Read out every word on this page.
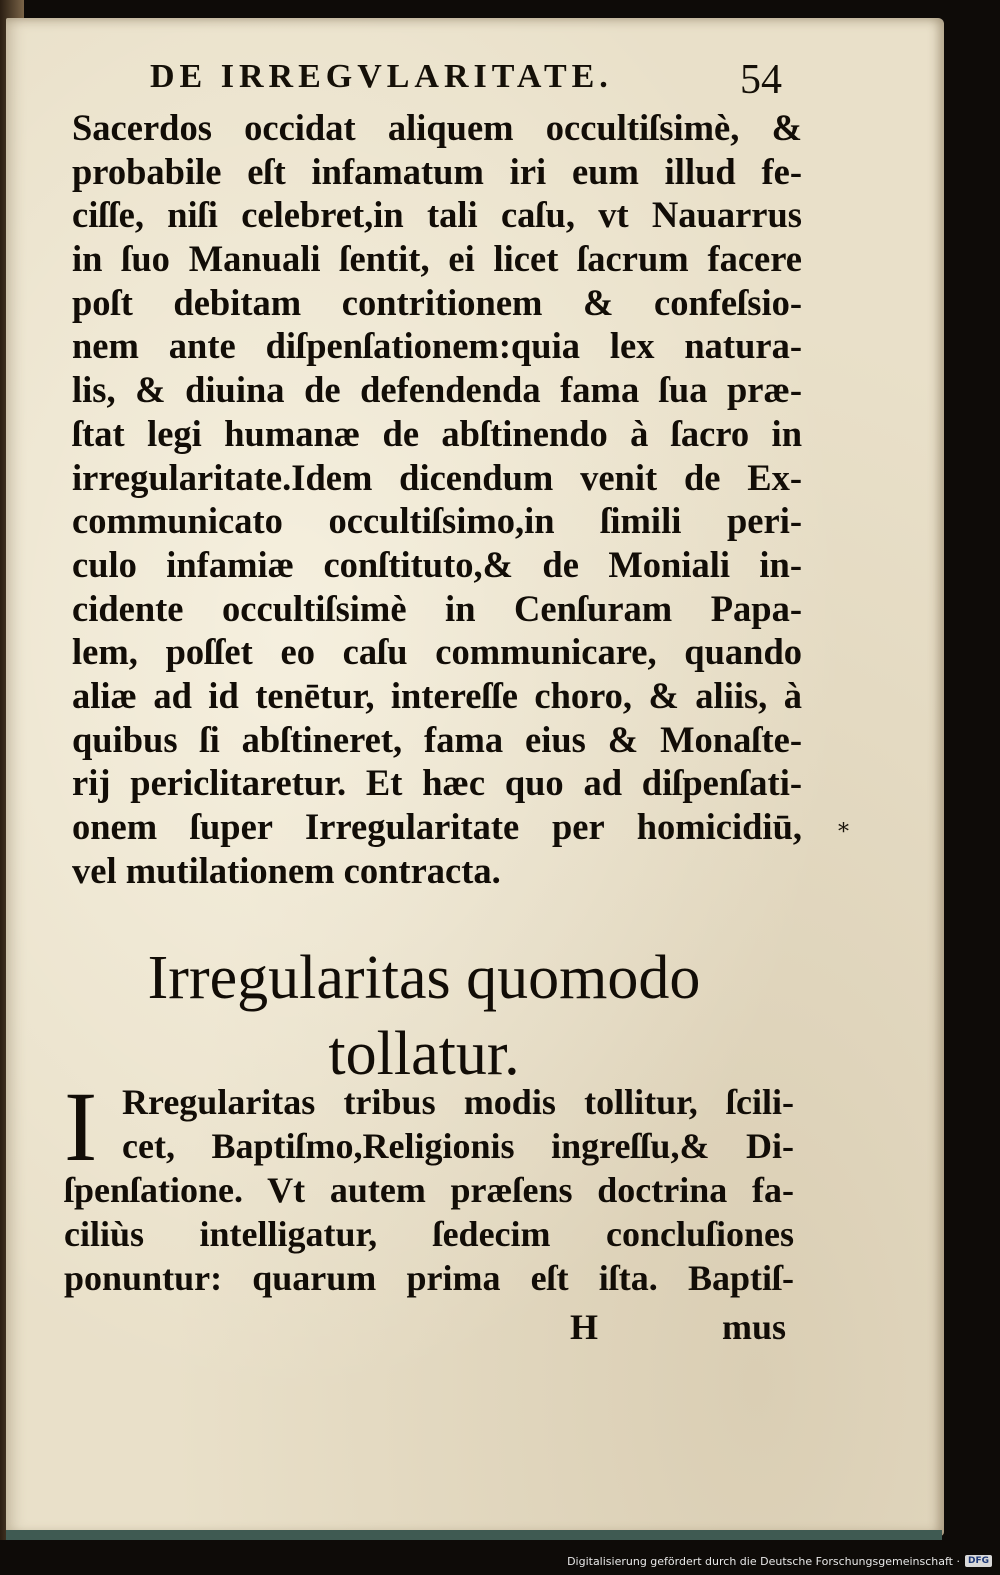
DE IRREGVLARITATE.	54
Sacerdos occidat aliquem occultiſsimè, &
probabile eſt infamatum iri eum illud fe-
ciſſe, niſi celebret,in tali caſu, vt Nauarrus
in ſuo Manuali ſentit, ei licet ſacrum facere
poſt debitam contritionem & confeſsio-
nem ante diſpenſationem:quia lex natura-
lis, & diuina de defendenda fama ſua præ-
ſtat legi humanæ de abſtinendo à ſacro in
irregularitate.Idem dicendum venit de Ex-
communicato occultiſsimo,in ſimili peri-
culo infamiæ conſtituto,& de Moniali in-
cidente occultiſsimè in Cenſuram Papa-
lem, poſſet eo caſu communicare, quando
aliæ ad id tenētur, intereſſe choro, & aliis, à
quibus ſi abſtineret, fama eius & Monaſte-
rij periclitaretur. Et hæc quo ad diſpenſati-
onem ſuper Irregularitate per homicidiū,
vel mutilationem contracta.
*
Irregularitas quomodo
tollatur.
I Rregularitas tribus modis tollitur, ſcili-
cet, Baptiſmo,Religionis ingreſſu,& Di-
ſpenſatione. Vt autem præſens doctrina fa-
ciliùs intelligatur, ſedecim concluſiones
ponuntur: quarum prima eſt iſta. Baptiſ-
H	mus
Digitalisierung gefördert durch die Deutsche Forschungsgemeinschaft · DFG
